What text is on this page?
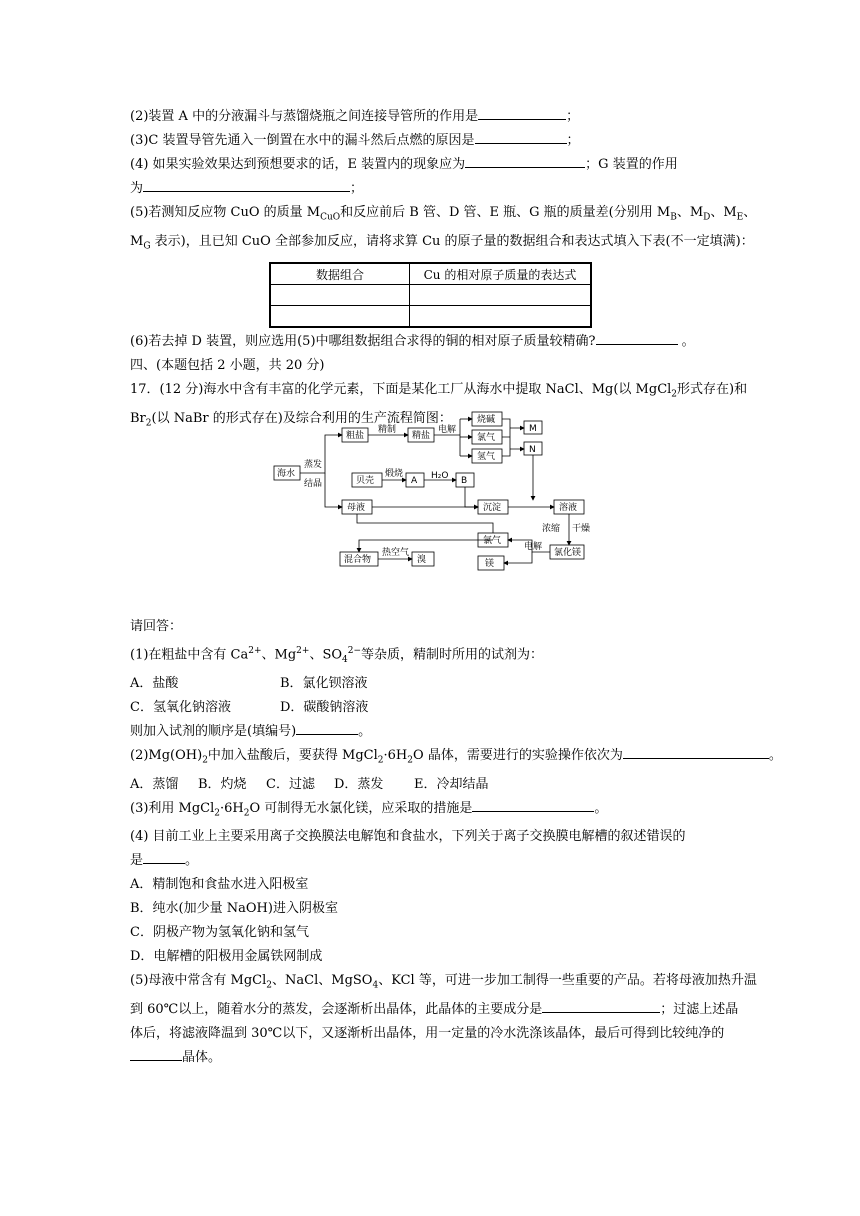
(2)装置 A 中的分液漏斗与蒸馏烧瓶之间连接导管所的作用是	；
(3)C 装置导管先通入一倒置在水中的漏斗然后点燃的原因是	；
(4) 如果实验效果达到预想要求的话，E 装置内的现象应为	；G 装置的作用
为	；
(5)若测知反应物 CuO 的质量 $M_{CuO}$和反应前后 B 管、D 管、E 瓶、G 瓶的质量差(分别用 $M_B$、$M_D$、$M_E$、
$M_G$ 表示)，且已知 CuO 全部参加反应，请将求算 Cu 的原子量的数据组合和表达式填入下表(不一定填满)：
数据组合	Cu 的相对原子质量的表达式

(6)若去掉 D 装置，则应选用(5)中哪组数据组合求得的铜的相对原子质量较精确?	。
四、(本题包括 2 小题，共 20 分)
17．(12 分)海水中含有丰富的化学元素，下面是某化工厂从海水中提取 NaCl、Mg(以 MgCl$_2$形式存在)和
$Br_2$(以 NaBr 的形式存在)及综合利用的生产流程简图：
请回答：
(1)在粗盐中含有 $Ca^{2+}$、$Mg^{2+}$、$SO_4^{2-}$等杂质，精制时所用的试剂为：
A．盐酸	B．氯化钡溶液
C．氢氧化钠溶液	D．碳酸钠溶液
则加入试剂的顺序是(填编号)	。
$(2)Mg(OH)_2$中加入盐酸后，要获得 $MgCl_2\cdot 6H_2O$ 晶体，需要进行的实验操作依次为	。
A．蒸馏 B．灼烧 C．过滤 D．蒸发 E．冷却结晶
(3)利用 $MgCl_2\cdot 6H_2O$ 可制得无水氯化镁，应采取的措施是	。
(4) 目前工业上主要采用离子交换膜法电解饱和食盐水，下列关于离子交换膜电解槽的叙述错误的
是	。
A．精制饱和食盐水进入阳极室
B．纯水(加少量 NaOH)进入阴极室
C．阴极产物为氢氧化钠和氢气
D．电解槽的阳极用金属铁网制成
(5)母液中常含有 MgCl$_2$、NaCl、MgSO$_4$、KCl 等，可进一步加工制得一些重要的产品。若将母液加热升温
到 60℃以上，随着水分的蒸发，会逐渐析出晶体，此晶体的主要成分是	；过滤上述晶
体后，将滤液降温到 30℃以下，又逐渐析出晶体，用一定量的冷水洗涤该晶体，最后可得到比较纯净的
晶体。
海水
蒸发
结晶
粗盐
精制
精盐
电解
烧碱
氯气
氢气
M
N
贝壳
煅烧
A H₂O B
母液	沉淀	溶液
浓缩 干燥
氯气
电解
氯化镁
镁
混合物
热空气
溴
